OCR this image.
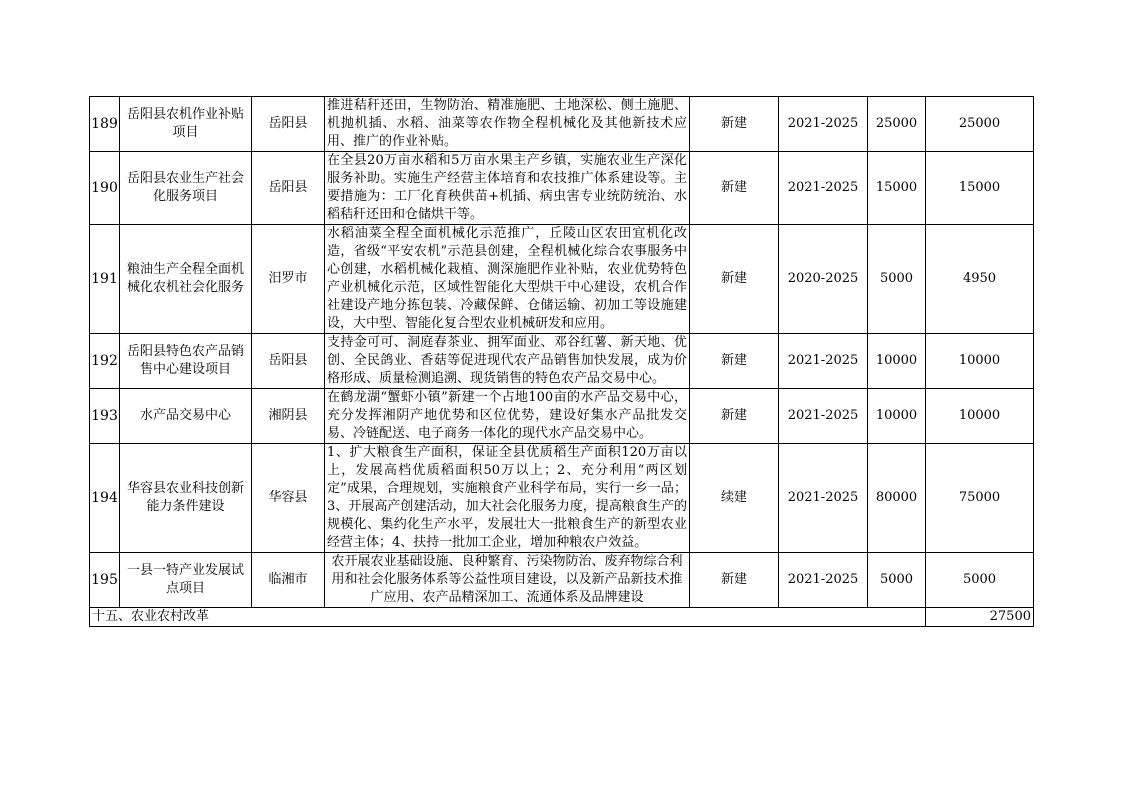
189	岳阳县农机作业补贴项目	岳阳县	推进秸秆还田，生物防治、精准施肥、土地深松、侧土施肥、机抛机插、水稻、油菜等农作物全程机械化及其他新技术应用、推广的作业补贴。	新建	2021-2025	25000	25000
190	岳阳县农业生产社会化服务项目	岳阳县	在全县20万亩水稻和5万亩水果主产乡镇，实施农业生产深化服务补助。实施生产经营主体培育和农技推广体系建设等。主要措施为：工厂化育秧供苗+机插、病虫害专业统防统治、水稻秸秆还田和仓储烘干等。	新建	2021-2025	15000	15000
191	粮油生产全程全面机械化农机社会化服务	汨罗市	水稻油菜全程全面机械化示范推广，丘陵山区农田宜机化改造，省级“平安农机”示范县创建，全程机械化综合农事服务中心创建，水稻机械化栽植、测深施肥作业补贴，农业优势特色产业机械化示范，区域性智能化大型烘干中心建设，农机合作社建设产地分拣包装、冷藏保鲜、仓储运输、初加工等设施建设，大中型、智能化复合型农业机械研发和应用。	新建	2020-2025	5000	4950
192	岳阳县特色农产品销售中心建设项目	岳阳县	支持金可可、洞庭春茶业、拥军面业、邓谷红薯、新天地、优创、全民鸽业、香菇等促进现代农产品销售加快发展，成为价格形成、质量检测追溯、现货销售的特色农产品交易中心。	新建	2021-2025	10000	10000
193	水产品交易中心	湘阴县	在鹤龙湖“蟹虾小镇”新建一个占地100亩的水产品交易中心，充分发挥湘阴产地优势和区位优势，建设好集水产品批发交易、冷链配送、电子商务一体化的现代水产品交易中心。	新建	2021-2025	10000	10000
194	华容县农业科技创新能力条件建设	华容县	1、扩大粮食生产面积，保证全县优质稻生产面积120万亩以上，发展高档优质稻面积50万以上；2、充分利用“两区划定”成果，合理规划，实施粮食产业科学布局，实行一乡一品；3、开展高产创建活动，加大社会化服务力度，提高粮食生产的规模化、集约化生产水平，发展壮大一批粮食生产的新型农业经营主体；4、扶持一批加工企业，增加种粮农户效益。	续建	2021-2025	80000	75000
195	一县一特产业发展试点项目	临湘市	农开展农业基础设施、良种繁育、污染物防治、废弃物综合利用和社会化服务体系等公益性项目建设，以及新产品新技术推广应用、农产品精深加工、流通体系及品牌建设	新建	2021-2025	5000	5000
十五、农业农村改革							27500
